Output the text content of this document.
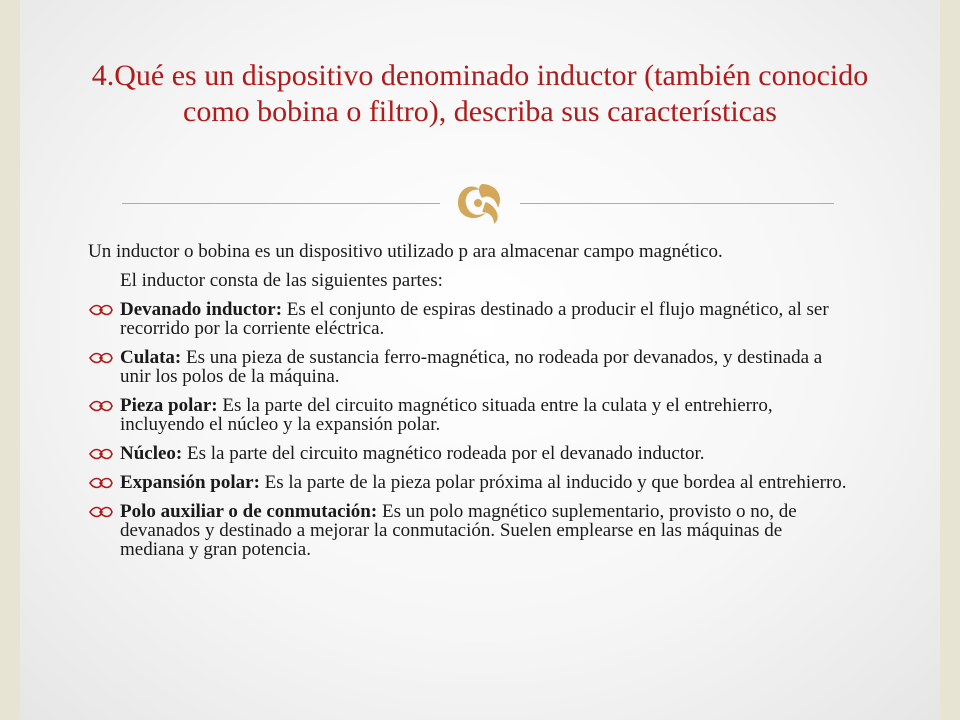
4.Qué es un dispositivo denominado inductor (también conocido como bobina o filtro), describa sus características

Un inductor o bobina es un dispositivo utilizado p ara almacenar campo magnético.

El inductor consta de las siguientes partes:

Devanado inductor: Es el conjunto de espiras destinado a producir el flujo magnético, al ser recorrido por la corriente eléctrica.
Culata: Es una pieza de sustancia ferro-magnética, no rodeada por devanados, y destinada a unir los polos de la máquina.
Pieza polar: Es la parte del circuito magnético situada entre la culata y el entrehierro, incluyendo el núcleo y la expansión polar.
Núcleo: Es la parte del circuito magnético rodeada por el devanado inductor.
Expansión polar: Es la parte de la pieza polar próxima al inducido y que bordea al entrehierro.
Polo auxiliar o de conmutación: Es un polo magnético suplementario, provisto o no, de devanados y destinado a mejorar la conmutación. Suelen emplearse en las máquinas de mediana y gran potencia.
